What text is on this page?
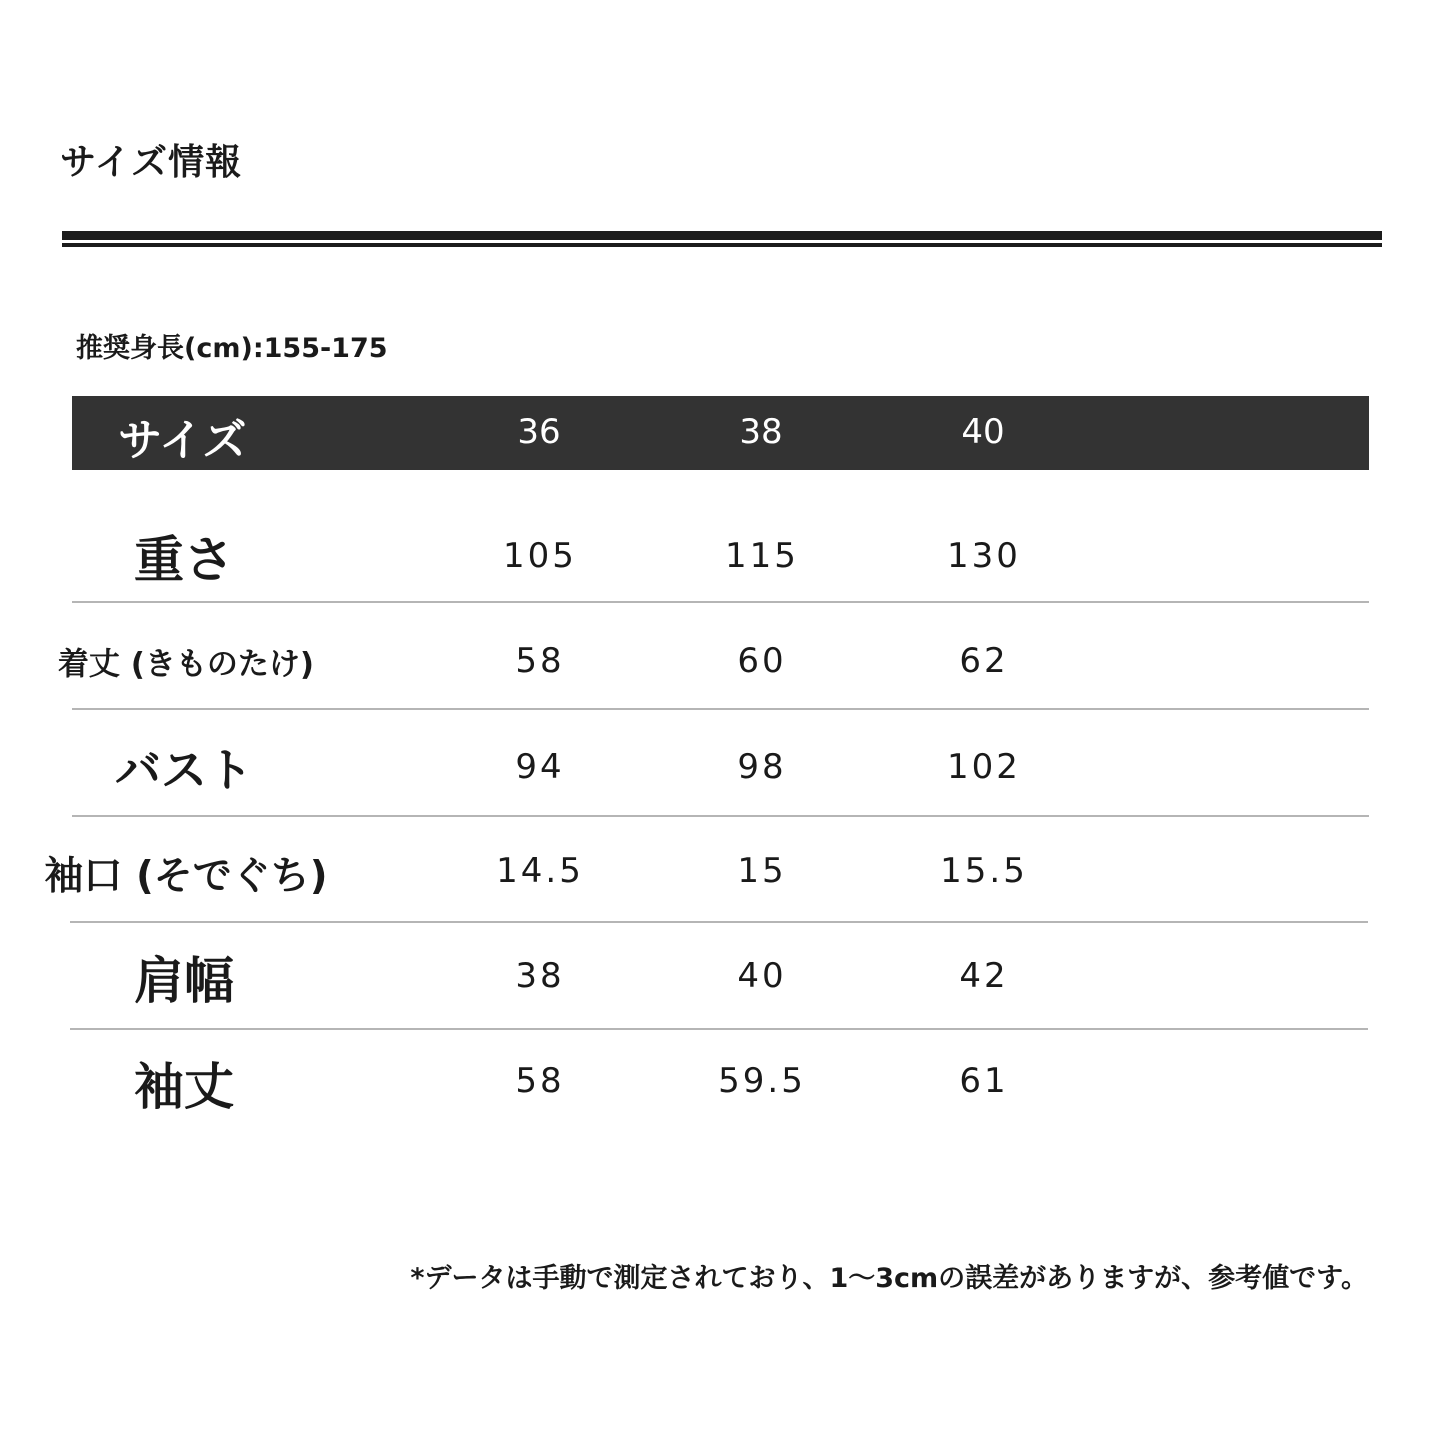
サイズ情報
推奨身長(cm):155-175
サイズ	36	38	40
重さ	105	115	130
着丈 (きものたけ)	58	60	62
バスト	94	98	102
袖口 (そでぐち)	14.5	15	15.5
肩幅	38	40	42
袖丈	58	59.5	61
*データは手動で測定されており、1～3cmの誤差がありますが、参考値です。
